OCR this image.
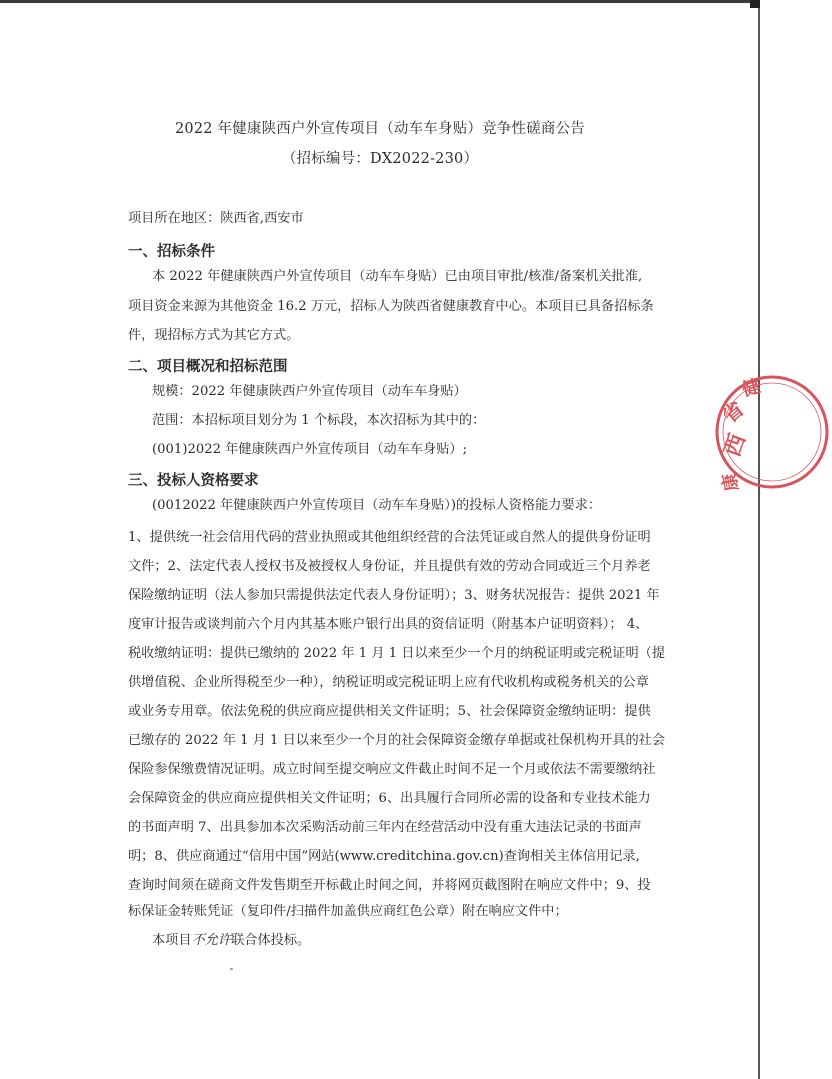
2022 年健康陕西户外宣传项目（动车车身贴）竞争性磋商公告
（招标编号：DX2022-230）
项目所在地区：陕西省,西安市
一、招标条件
本 2022 年健康陕西户外宣传项目（动车车身贴）已由项目审批/核准/备案机关批准,
项目资金来源为其他资金 16.2 万元，招标人为陕西省健康教育中心。本项目已具备招标条
件，现招标方式为其它方式。
二、项目概况和招标范围
规模：2022 年健康陕西户外宣传项目（动车车身贴）
范围：本招标项目划分为 1 个标段，本次招标为其中的：
(001)2022 年健康陕西户外宣传项目（动车车身贴）;
三、投标人资格要求
(0012022 年健康陕西户外宣传项目（动车车身贴）)的投标人资格能力要求：
1、提供统一社会信用代码的营业执照或其他组织经营的合法凭证或自然人的提供身份证明
文件；2、法定代表人授权书及被授权人身份证，并且提供有效的劳动合同或近三个月养老
保险缴纳证明（法人参加只需提供法定代表人身份证明）；3、财务状况报告：提供 2021 年
度审计报告或谈判前六个月内其基本账户银行出具的资信证明（附基本户证明资料）； 4、
税收缴纳证明：提供已缴纳的 2022 年 1 月 1 日以来至少一个月的纳税证明或完税证明（提
供增值税、企业所得税至少一种），纳税证明或完税证明上应有代收机构或税务机关的公章
或业务专用章。依法免税的供应商应提供相关文件证明；5、社会保障资金缴纳证明：提供
已缴存的 2022 年 1 月 1 日以来至少一个月的社会保障资金缴存单据或社保机构开具的社会
保险参保缴费情况证明。成立时间至提交响应文件截止时间不足一个月或依法不需要缴纳社
会保障资金的供应商应提供相关文件证明；6、出具履行合同所必需的设备和专业技术能力
的书面声明 7、出具参加本次采购活动前三年内在经营活动中没有重大违法记录的书面声
明；8、供应商通过“信用中国”网站(www.creditchina.gov.cn)查询相关主体信用记录,
查询时间须在磋商文件发售期至开标截止时间之间，并将网页截图附在响应文件中；9、投
标保证金转账凭证（复印件/扫描件加盖供应商红色公章）附在响应文件中；
本项目不允许联合体投标。
西
省
健
康
